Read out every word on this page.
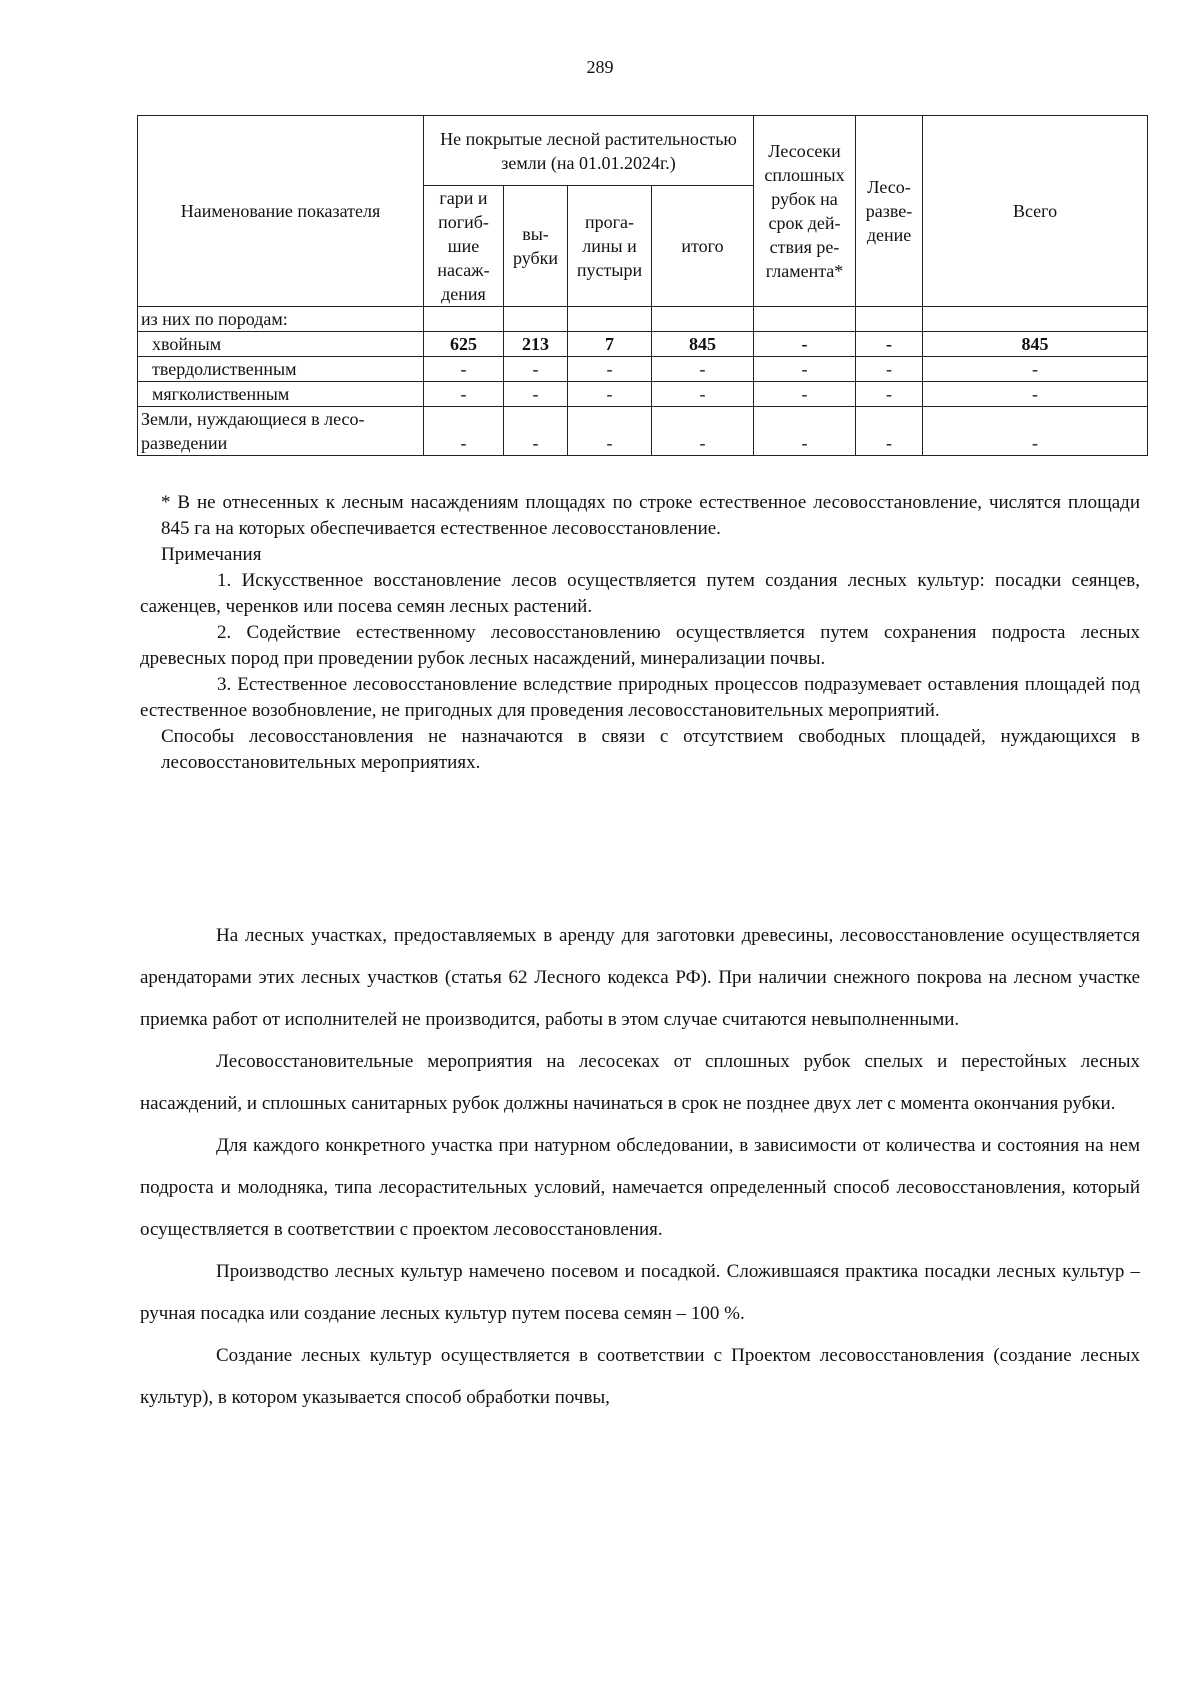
289
Наименование показателя	Не покрытые лесной растительностью земли (на 01.01.2024г.)				Лесосеки сплошных рубок на срок дей-ствия ре-гламента*	Лесо-разве-дение	Всего
	гари и погиб-шие насаж-дения	вы-рубки	прога-лины и пустыри	итого			
из них по породам:							
хвойным	625	213	7	845	-	-	845
твердолиственным	-	-	-	-	-	-	-
мягколиственным	-	-	-	-	-	-	-
Земли, нуждающиеся в лесо-разведении	-	-	-	-	-	-	-

* В не отнесенных к лесным насаждениям площадях по строке естественное лесовосстановление, числятся площади 845 га на которых обеспечивается естественное лесовосстановление.

Примечания

1. Искусственное восстановление лесов осуществляется путем создания лесных культур: посадки сеянцев, саженцев, черенков или посева семян лесных растений.

2. Содействие естественному лесовосстановлению осуществляется путем сохранения подроста лесных древесных пород при проведении рубок лесных насаждений, минерализации почвы.

3. Естественное лесовосстановление вследствие природных процессов подразумевает оставления площадей под естественное возобновление, не пригодных для проведения лесовосстановительных мероприятий.

Способы лесовосстановления не назначаются в связи с отсутствием свободных площадей, нуждающихся в лесовосстановительных мероприятиях.

На лесных участках, предоставляемых в аренду для заготовки древесины, лесовосстановление осуществляется арендаторами этих лесных участков (статья 62 Лесного кодекса РФ). При наличии снежного покрова на лесном участке приемка работ от исполнителей не производится, работы в этом случае считаются невыполненными.

Лесовосстановительные мероприятия на лесосеках от сплошных рубок спелых и перестойных лесных насаждений, и сплошных санитарных рубок должны начинаться в срок не позднее двух лет с момента окончания рубки.

Для каждого конкретного участка при натурном обследовании, в зависимости от количества и состояния на нем подроста и молодняка, типа лесорастительных условий, намечается определенный способ лесовосстановления, который осуществляется в соответствии с проектом лесовосстановления.

Производство лесных культур намечено посевом и посадкой. Сложившаяся практика посадки лесных культур – ручная посадка или создание лесных культур путем посева семян – 100 %.

Создание лесных культур осуществляется в соответствии с Проектом лесовосстановления (создание лесных культур), в котором указывается способ обработки почвы,
